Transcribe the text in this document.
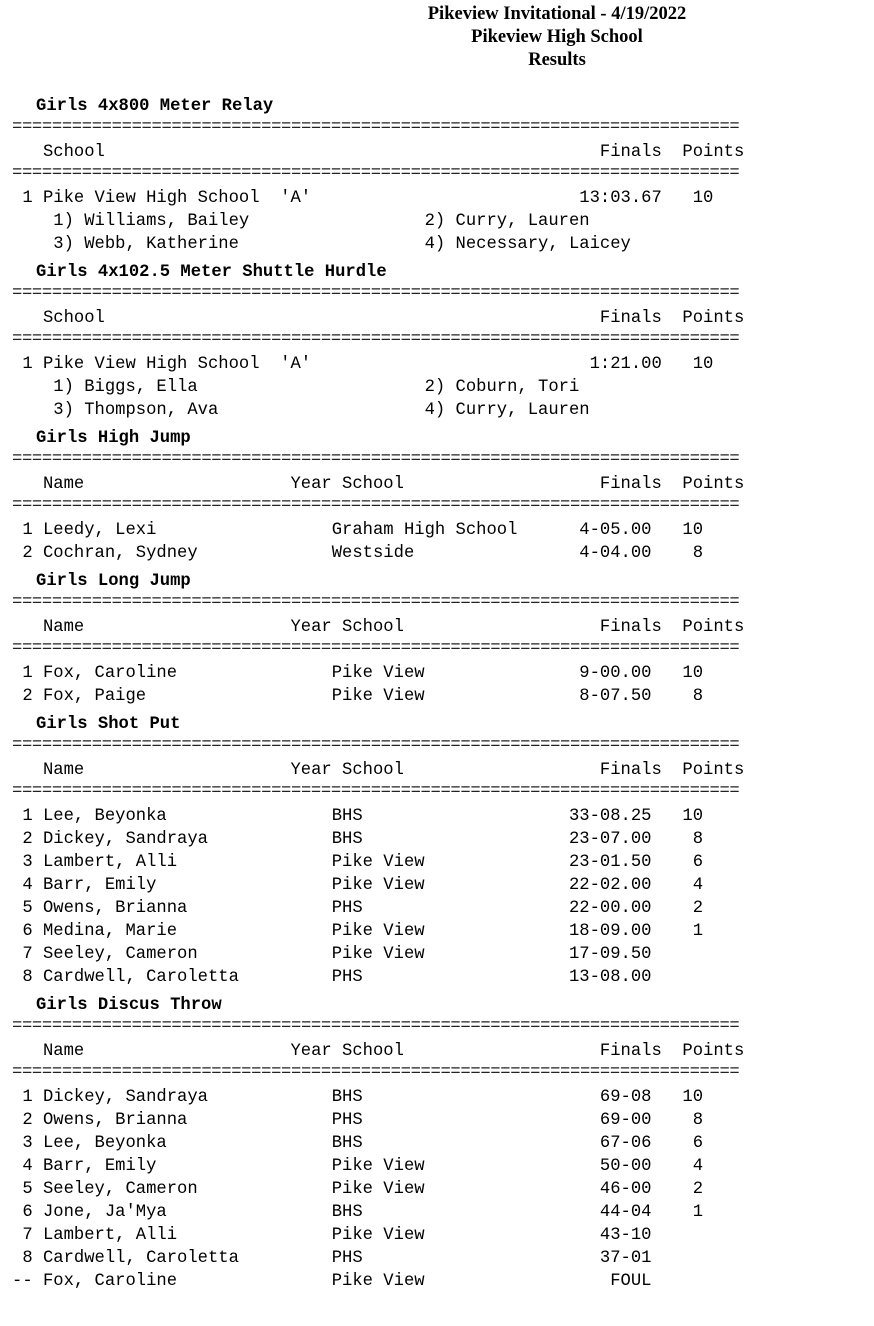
Pikeview Invitational - 4/19/2022
Pikeview High School
Results
Girls 4x800 Meter Relay
=========================================================================
School                                                Finals  Points
=========================================================================
1 Pike View High School  'A'                          13:03.67   10
1) Williams, Bailey                 2) Curry, Lauren
3) Webb, Katherine                  4) Necessary, Laicey
Girls 4x102.5 Meter Shuttle Hurdle
=========================================================================
School                                                Finals  Points
=========================================================================
1 Pike View High School  'A'                           1:21.00   10
1) Biggs, Ella                      2) Coburn, Tori
3) Thompson, Ava                    4) Curry, Lauren
Girls High Jump
=========================================================================
Name                    Year School                   Finals  Points
=========================================================================
1 Leedy, Lexi                 Graham High School      4-05.00   10
2 Cochran, Sydney             Westside                4-04.00    8
Girls Long Jump
=========================================================================
Name                    Year School                   Finals  Points
=========================================================================
1 Fox, Caroline               Pike View               9-00.00   10
2 Fox, Paige                  Pike View               8-07.50    8
Girls Shot Put
=========================================================================
Name                    Year School                   Finals  Points
=========================================================================
1 Lee, Beyonka                BHS                    33-08.25   10
2 Dickey, Sandraya            BHS                    23-07.00    8
3 Lambert, Alli               Pike View              23-01.50    6
4 Barr, Emily                 Pike View              22-02.00    4
5 Owens, Brianna              PHS                    22-00.00    2
6 Medina, Marie               Pike View              18-09.00    1
7 Seeley, Cameron             Pike View              17-09.50
8 Cardwell, Caroletta         PHS                    13-08.00
Girls Discus Throw
=========================================================================
Name                    Year School                   Finals  Points
=========================================================================
1 Dickey, Sandraya            BHS                       69-08   10
2 Owens, Brianna              PHS                       69-00    8
3 Lee, Beyonka                BHS                       67-06    6
4 Barr, Emily                 Pike View                 50-00    4
5 Seeley, Cameron             Pike View                 46-00    2
6 Jone, Ja'Mya                BHS                       44-04    1
7 Lambert, Alli               Pike View                 43-10
8 Cardwell, Caroletta         PHS                       37-01
-- Fox, Caroline               Pike View                  FOUL
